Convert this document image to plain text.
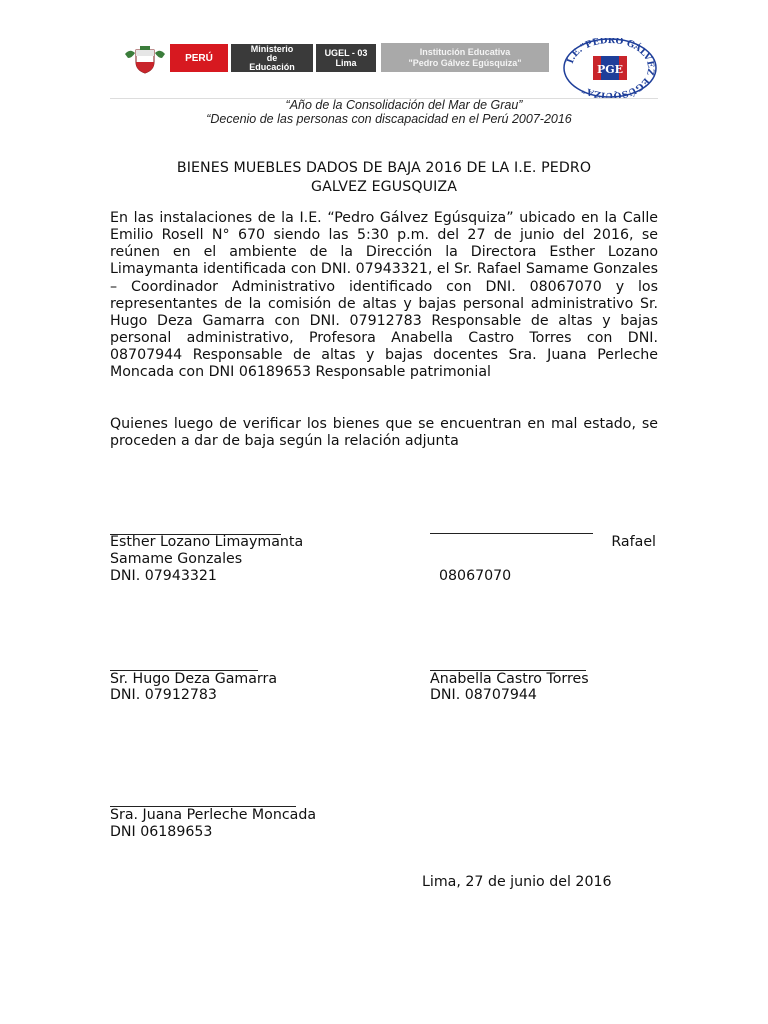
PERÚ
Ministerio
de
Educación
UGEL - 03
Lima
Institución Educativa
"Pedro Gálvez Egúsquiza"	I.E."PEDRO GÁLVEZ EGÚSQUIZA"
PGE
“Año de la Consolidación del Mar de Grau”
“Decenio de las personas con discapacidad en el Perú 2007-2016
BIENES MUEBLES DADOS DE BAJA 2016 DE LA I.E. PEDRO
GALVEZ EGUSQUIZA
En las instalaciones de la I.E. “Pedro Gálvez Egúsquiza” ubicado en la Calle Emilio Rosell N° 670 siendo las 5:30 p.m. del 27 de junio del 2016, se reúnen en el ambiente de la Dirección la Directora Esther Lozano Limaymanta identificada con DNI. 07943321, el Sr. Rafael Samame Gonzales – Coordinador Administrativo identificado con DNI. 08067070 y los representantes de la comisión de altas y bajas personal administrativo Sr. Hugo Deza Gamarra con DNI. 07912783 Responsable de altas y bajas personal administrativo, Profesora Anabella Castro Torres con DNI. 08707944 Responsable de altas y bajas docentes Sra. Juana Perleche Moncada con DNI 06189653 Responsable patrimonial
Quienes luego de verificar los bienes que se encuentran en mal estado, se proceden a dar de baja según la relación adjunta
Esther Lozano Limaymanta	Rafael
Samame Gonzales
DNI. 07943321	08067070
Sr. Hugo Deza Gamarra	Anabella Castro Torres
DNI. 07912783	DNI. 08707944
Sra. Juana Perleche Moncada
DNI 06189653
Lima, 27 de junio del 2016
